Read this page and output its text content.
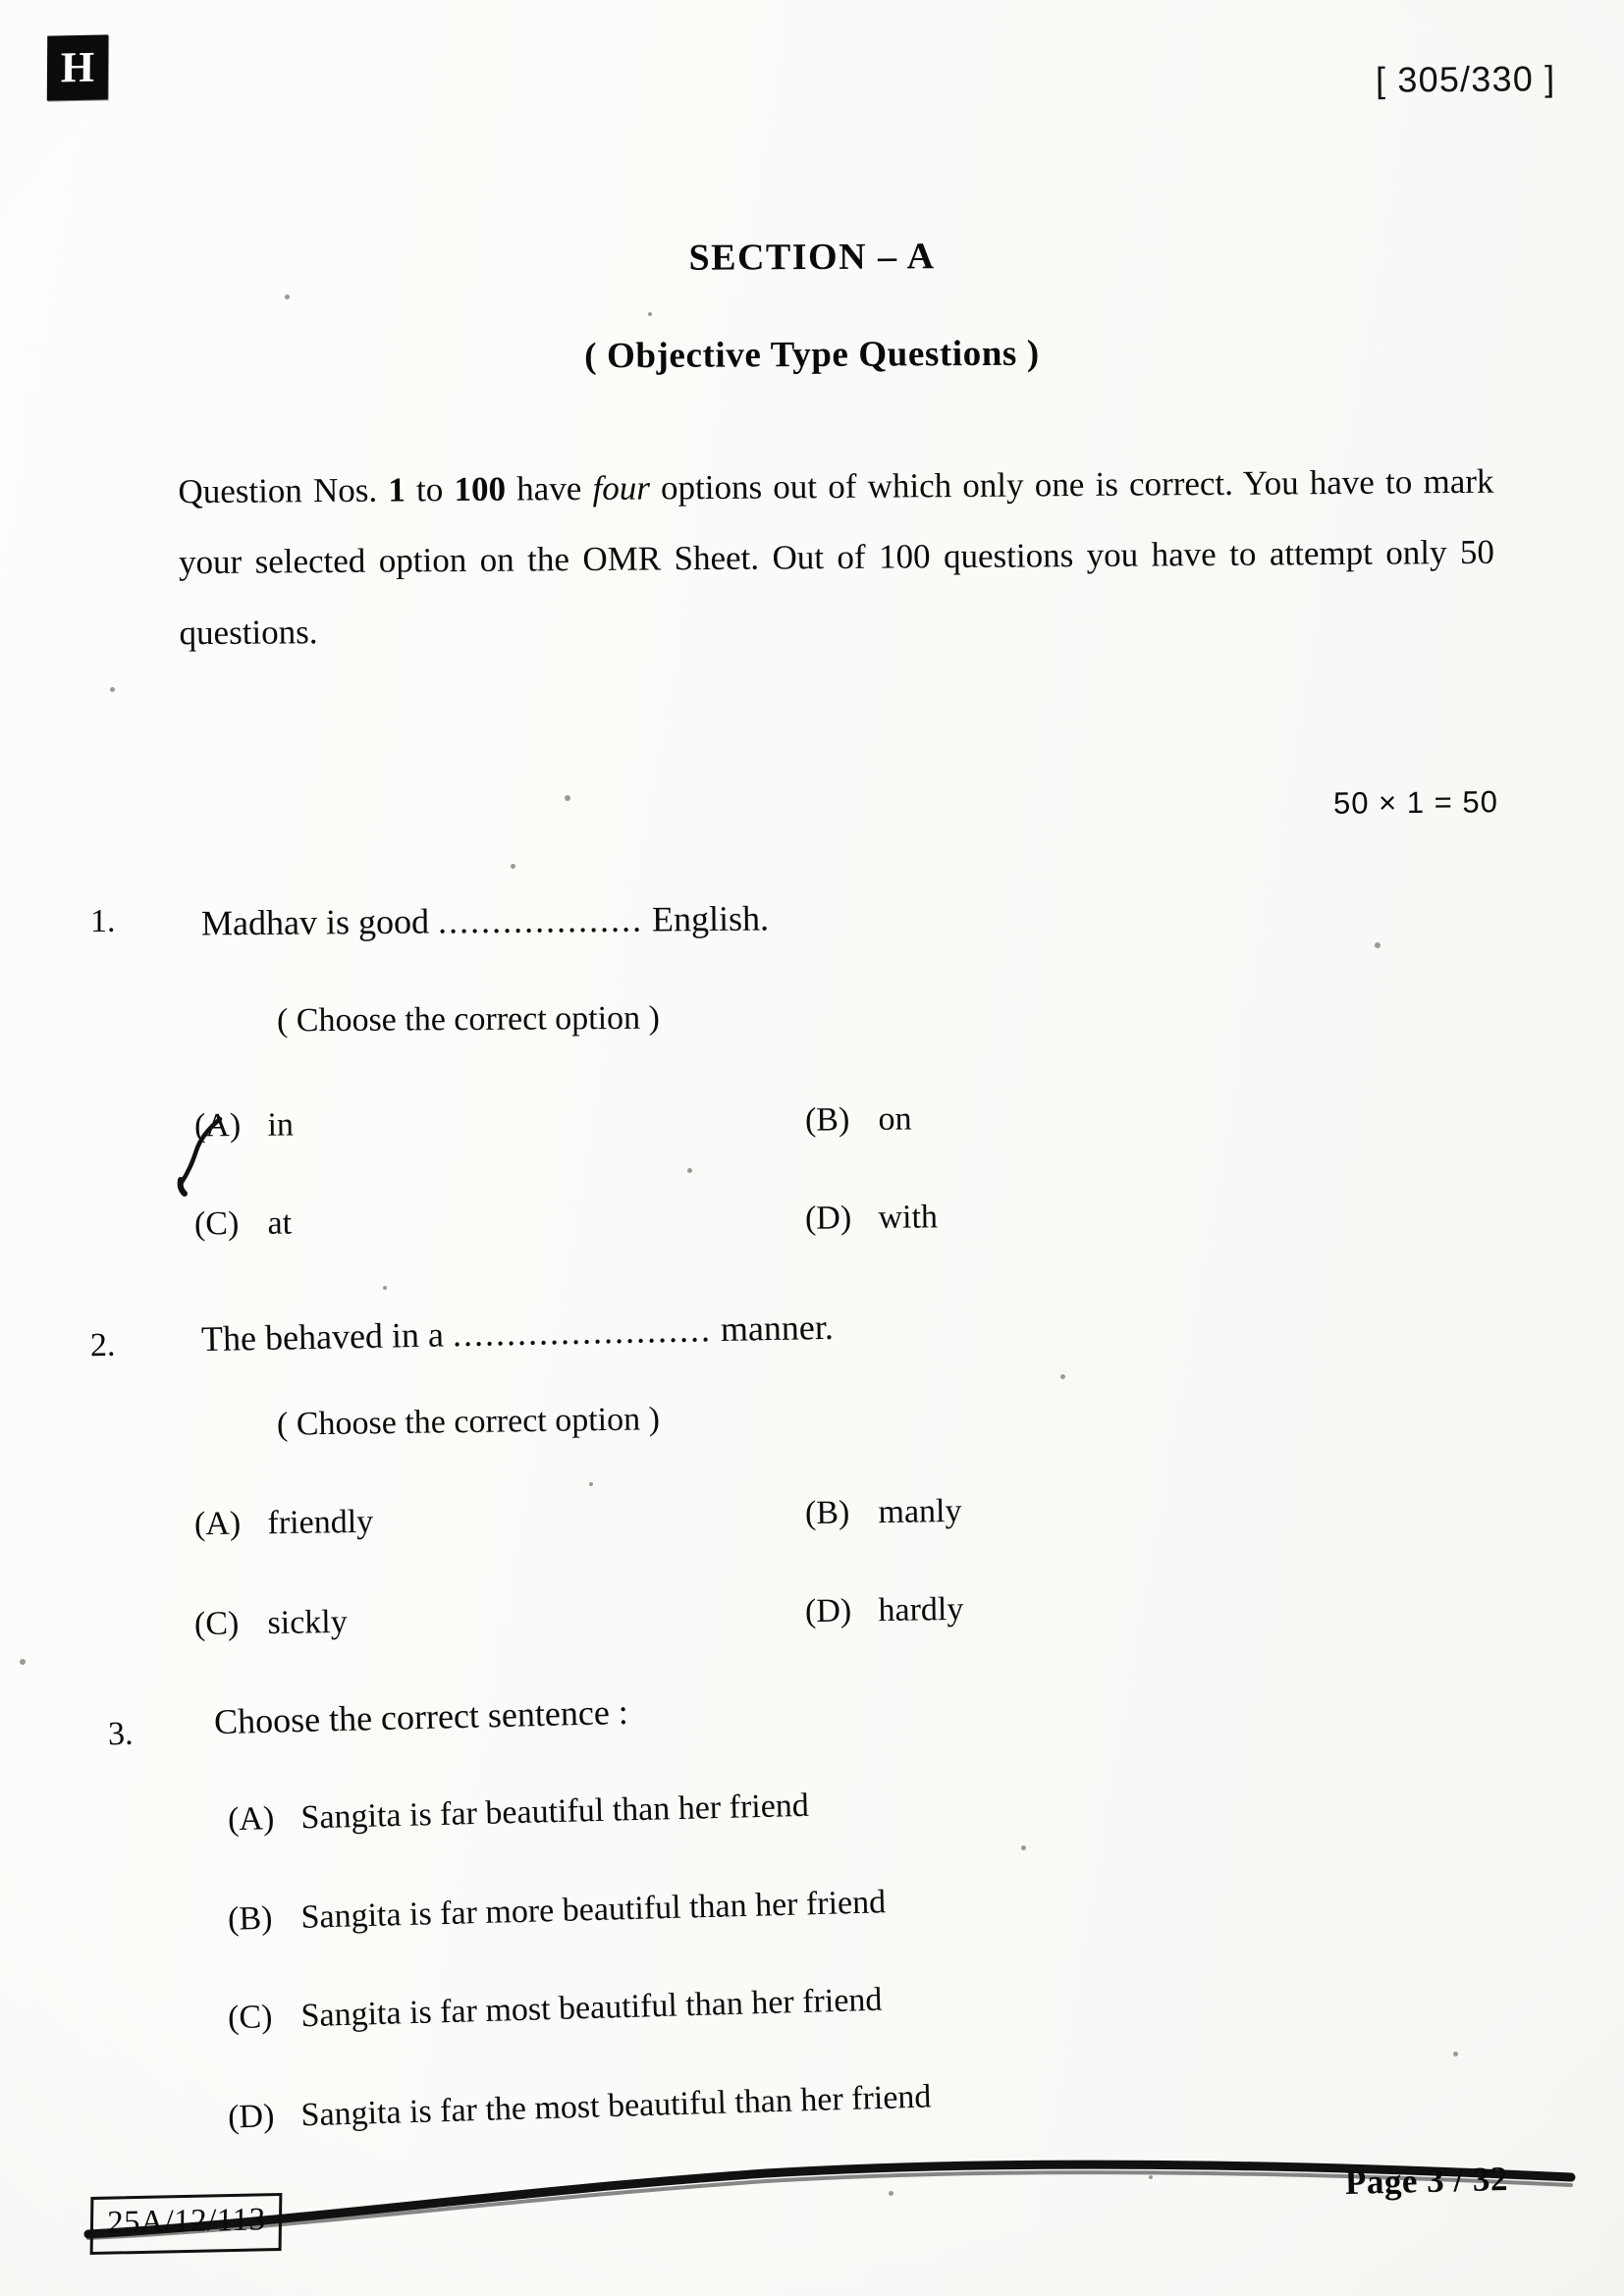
H	[ 305/330 ]
SECTION – A
( Objective Type Questions )
Question Nos. 1 to 100 have four options out of which only one is correct. You have to mark your selected option on the OMR Sheet. Out of 100 questions you have to attempt only 50 questions.
50 × 1 = 50
1. Madhav is good ................... English.
( Choose the correct option )
(A) in	(B) on
(C) at	(D) with
2. The behaved in a ........................ manner.
( Choose the correct option )
(A) friendly	(B) manly
(C) sickly	(D) hardly
3. Choose the correct sentence :
(A) Sangita is far beautiful than her friend
(B) Sangita is far more beautiful than her friend
(C) Sangita is far most beautiful than her friend
(D) Sangita is far the most beautiful than her friend
25A/12/113
Page 3 / 32
